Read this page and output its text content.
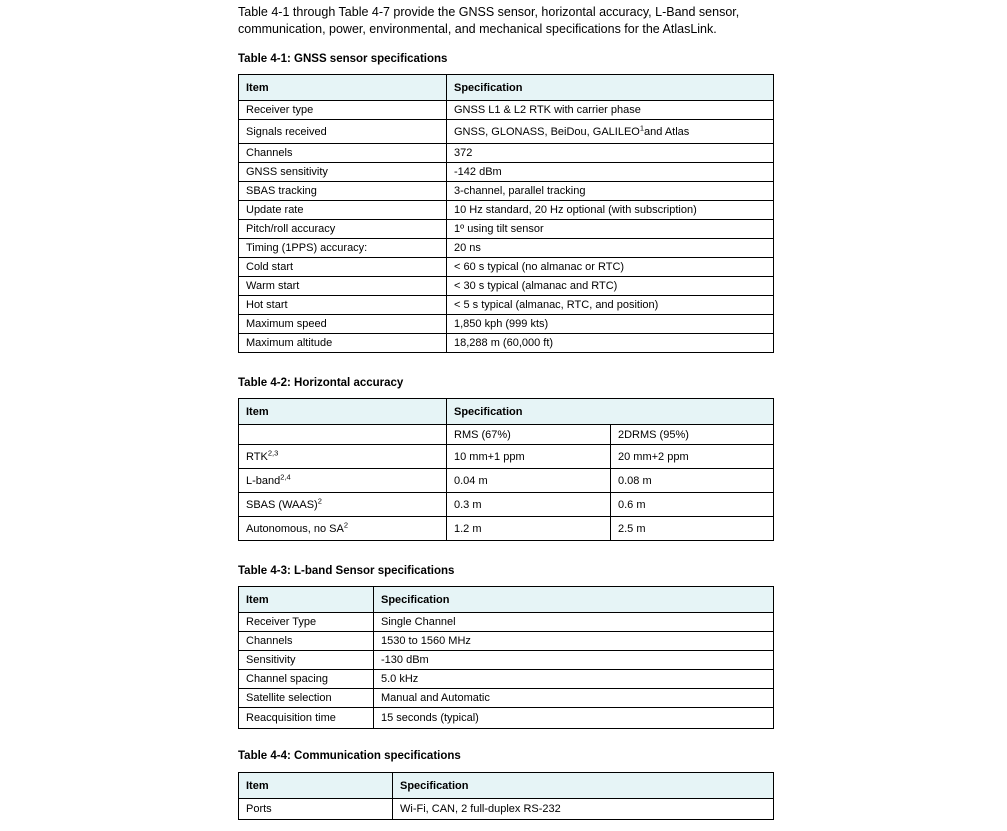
Table 4-1 through Table 4-7 provide the GNSS sensor, horizontal accuracy, L-Band sensor, communication, power, environmental, and mechanical specifications for the AtlasLink.

Table 4-1: GNSS sensor specifications
Item	Specification
Receiver type	GNSS L1 & L2 RTK with carrier phase
Signals received	GNSS, GLONASS, BeiDou, GALILEO$^1$and Atlas
Channels	372
GNSS sensitivity	-142 dBm
SBAS tracking	3-channel, parallel tracking
Update rate	10 Hz standard, 20 Hz optional (with subscription)
Pitch/roll accuracy	1º using tilt sensor
Timing (1PPS) accuracy:	20 ns
Cold start	< 60 s typical (no almanac or RTC)
Warm start	< 30 s typical (almanac and RTC)
Hot start	< 5 s typical (almanac, RTC, and position)
Maximum speed	1,850 kph (999 kts)
Maximum altitude	18,288 m (60,000 ft)
Table 4-2: Horizontal accuracy
Item	Specification	
	RMS (67%)	2DRMS (95%)
RTK$^{2,3}$	10 mm+1 ppm	20 mm+2 ppm
L-band$^{2,4}$	0.04 m	0.08 m
SBAS (WAAS)$^2$	0.3 m	0.6 m
Autonomous, no $SA^2$	1.2 m	2.5 m
Table 4-3: L-band Sensor specifications
Item	Specification
Receiver Type	Single Channel
Channels	1530 to 1560 MHz
Sensitivity	-130 dBm
Channel spacing	5.0 kHz
Satellite selection	Manual and Automatic
Reacquisition time	15 seconds (typical)
Table 4-4: Communication specifications
Item	Specification
Ports	Wi-Fi, CAN, 2 full-duplex RS-232
